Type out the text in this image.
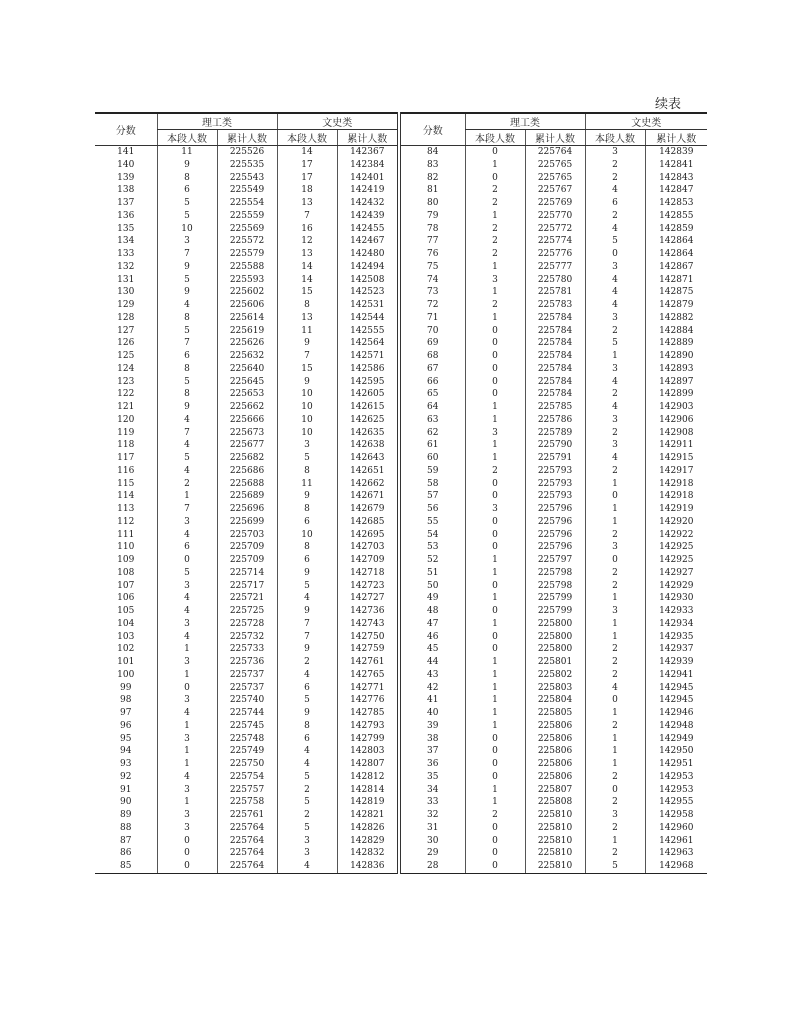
续表
分数	理工类		文史类		分数	理工类		文史类	
	本段人数	累计人数	本段人数	累计人数		本段人数	累计人数	本段人数	累计人数
141	11	225526	14	142367	84	0	225764	3	142839
140	9	225535	17	142384	83	1	225765	2	142841
139	8	225543	17	142401	82	0	225765	2	142843
138	6	225549	18	142419	81	2	225767	4	142847
137	5	225554	13	142432	80	2	225769	6	142853
136	5	225559	7	142439	79	1	225770	2	142855
135	10	225569	16	142455	78	2	225772	4	142859
134	3	225572	12	142467	77	2	225774	5	142864
133	7	225579	13	142480	76	2	225776	0	142864
132	9	225588	14	142494	75	1	225777	3	142867
131	5	225593	14	142508	74	3	225780	4	142871
130	9	225602	15	142523	73	1	225781	4	142875
129	4	225606	8	142531	72	2	225783	4	142879
128	8	225614	13	142544	71	1	225784	3	142882
127	5	225619	11	142555	70	0	225784	2	142884
126	7	225626	9	142564	69	0	225784	5	142889
125	6	225632	7	142571	68	0	225784	1	142890
124	8	225640	15	142586	67	0	225784	3	142893
123	5	225645	9	142595	66	0	225784	4	142897
122	8	225653	10	142605	65	0	225784	2	142899
121	9	225662	10	142615	64	1	225785	4	142903
120	4	225666	10	142625	63	1	225786	3	142906
119	7	225673	10	142635	62	3	225789	2	142908
118	4	225677	3	142638	61	1	225790	3	142911
117	5	225682	5	142643	60	1	225791	4	142915
116	4	225686	8	142651	59	2	225793	2	142917
115	2	225688	11	142662	58	0	225793	1	142918
114	1	225689	9	142671	57	0	225793	0	142918
113	7	225696	8	142679	56	3	225796	1	142919
112	3	225699	6	142685	55	0	225796	1	142920
111	4	225703	10	142695	54	0	225796	2	142922
110	6	225709	8	142703	53	0	225796	3	142925
109	0	225709	6	142709	52	1	225797	0	142925
108	5	225714	9	142718	51	1	225798	2	142927
107	3	225717	5	142723	50	0	225798	2	142929
106	4	225721	4	142727	49	1	225799	1	142930
105	4	225725	9	142736	48	0	225799	3	142933
104	3	225728	7	142743	47	1	225800	1	142934
103	4	225732	7	142750	46	0	225800	1	142935
102	1	225733	9	142759	45	0	225800	2	142937
101	3	225736	2	142761	44	1	225801	2	142939
100	1	225737	4	142765	43	1	225802	2	142941
99	0	225737	6	142771	42	1	225803	4	142945
98	3	225740	5	142776	41	1	225804	0	142945
97	4	225744	9	142785	40	1	225805	1	142946
96	1	225745	8	142793	39	1	225806	2	142948
95	3	225748	6	142799	38	0	225806	1	142949
94	1	225749	4	142803	37	0	225806	1	142950
93	1	225750	4	142807	36	0	225806	1	142951
92	4	225754	5	142812	35	0	225806	2	142953
91	3	225757	2	142814	34	1	225807	0	142953
90	1	225758	5	142819	33	1	225808	2	142955
89	3	225761	2	142821	32	2	225810	3	142958
88	3	225764	5	142826	31	0	225810	2	142960
87	0	225764	3	142829	30	0	225810	1	142961
86	0	225764	3	142832	29	0	225810	2	142963
85	0	225764	4	142836	28	0	225810	5	142968
